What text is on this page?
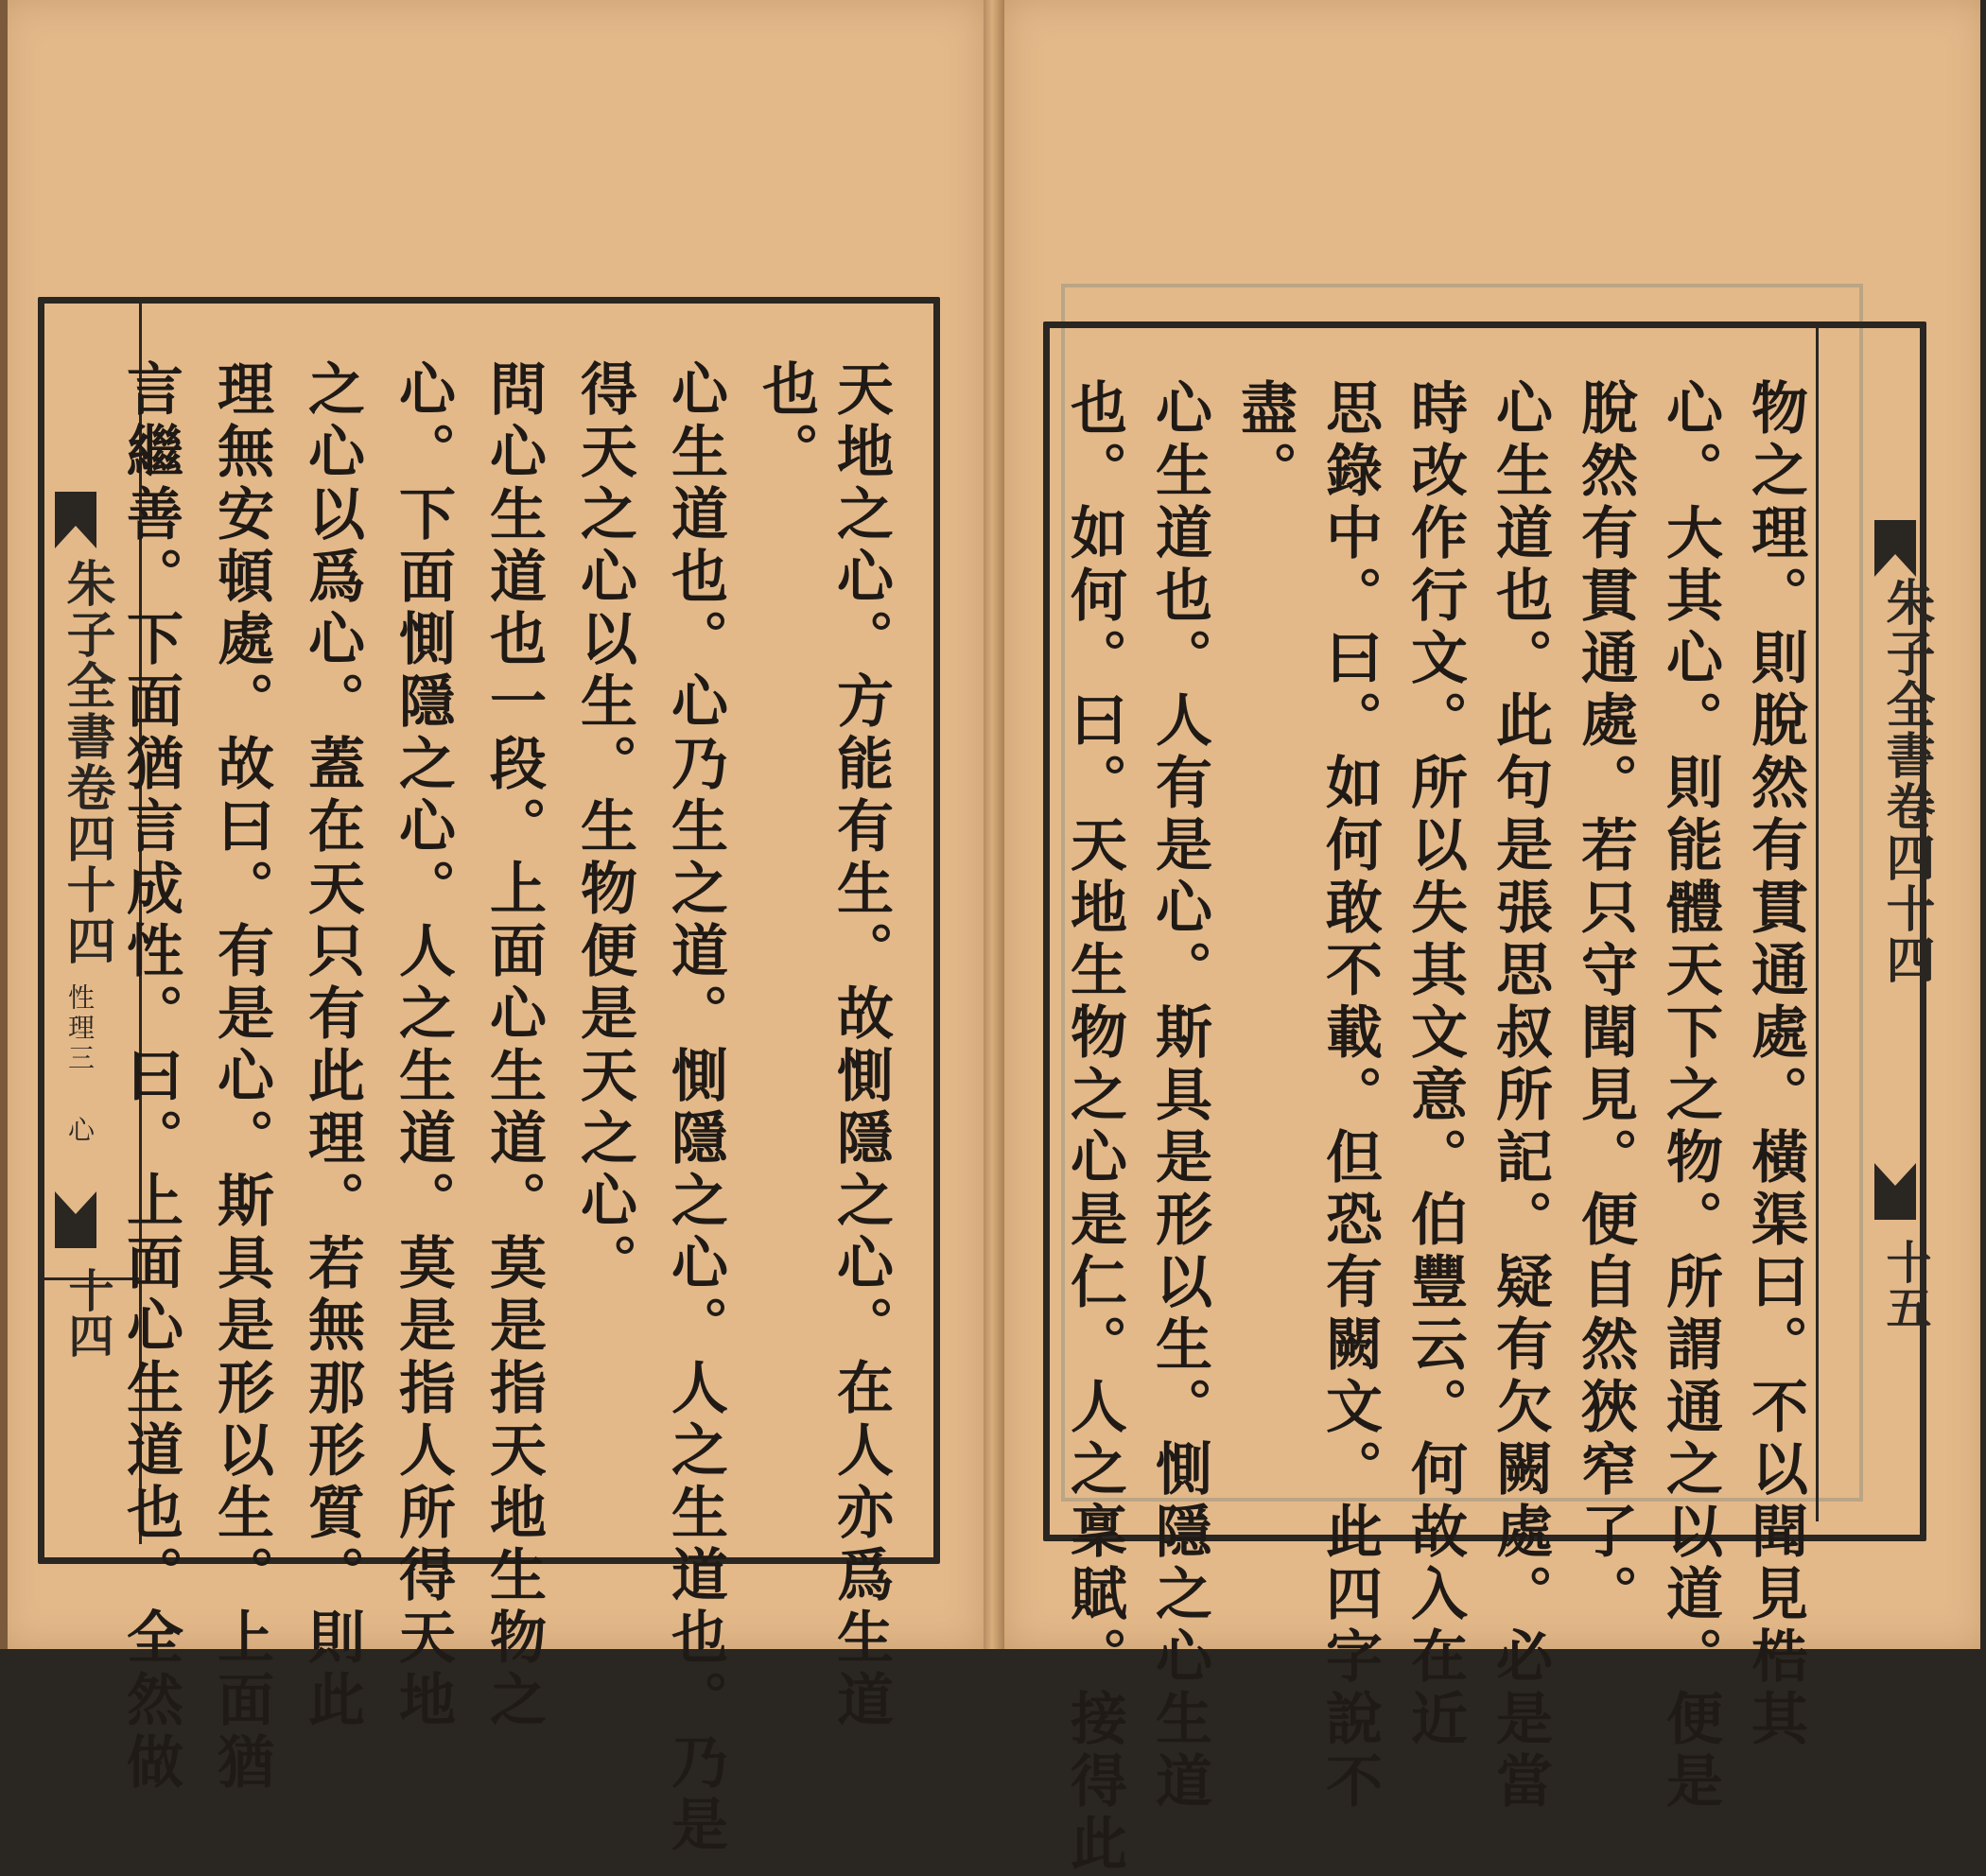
朱子全書卷四十四
性理三
心
十四	天地之心。方能有生。故惻隱之心。在人亦爲生道
也。
心生道也。心乃生之道。惻隱之心。人之生道也。乃是
得天之心以生。生物便是天之心。
問心生道也一段。上面心生道。莫是指天地生物之
心。下面惻隱之心。人之生道。莫是指人所得天地
之心以爲心。蓋在天只有此理。若無那形質。則此
理無安頓處。故曰。有是心。斯具是形以生。上面猶
言繼善。下面猶言成性。曰。上面心生道也。全然做	朱子全書卷四十四
十五
物之理。則脫然有貫通處。橫渠曰。不以聞見梏其
心。大其心。則能體天下之物。所謂通之以道。便是
脫然有貫通處。若只守聞見。便自然狹窄了。
心生道也。此句是張思叔所記。疑有欠闕處。必是當
時改作行文。所以失其文意。伯豐云。何故入在近
思錄中。曰。如何敢不載。但恐有闕文。此四字說不
盡。
心生道也。人有是心。斯具是形以生。惻隱之心生道
也。如何。曰。天地生物之心是仁。人之稟賦。接得此
